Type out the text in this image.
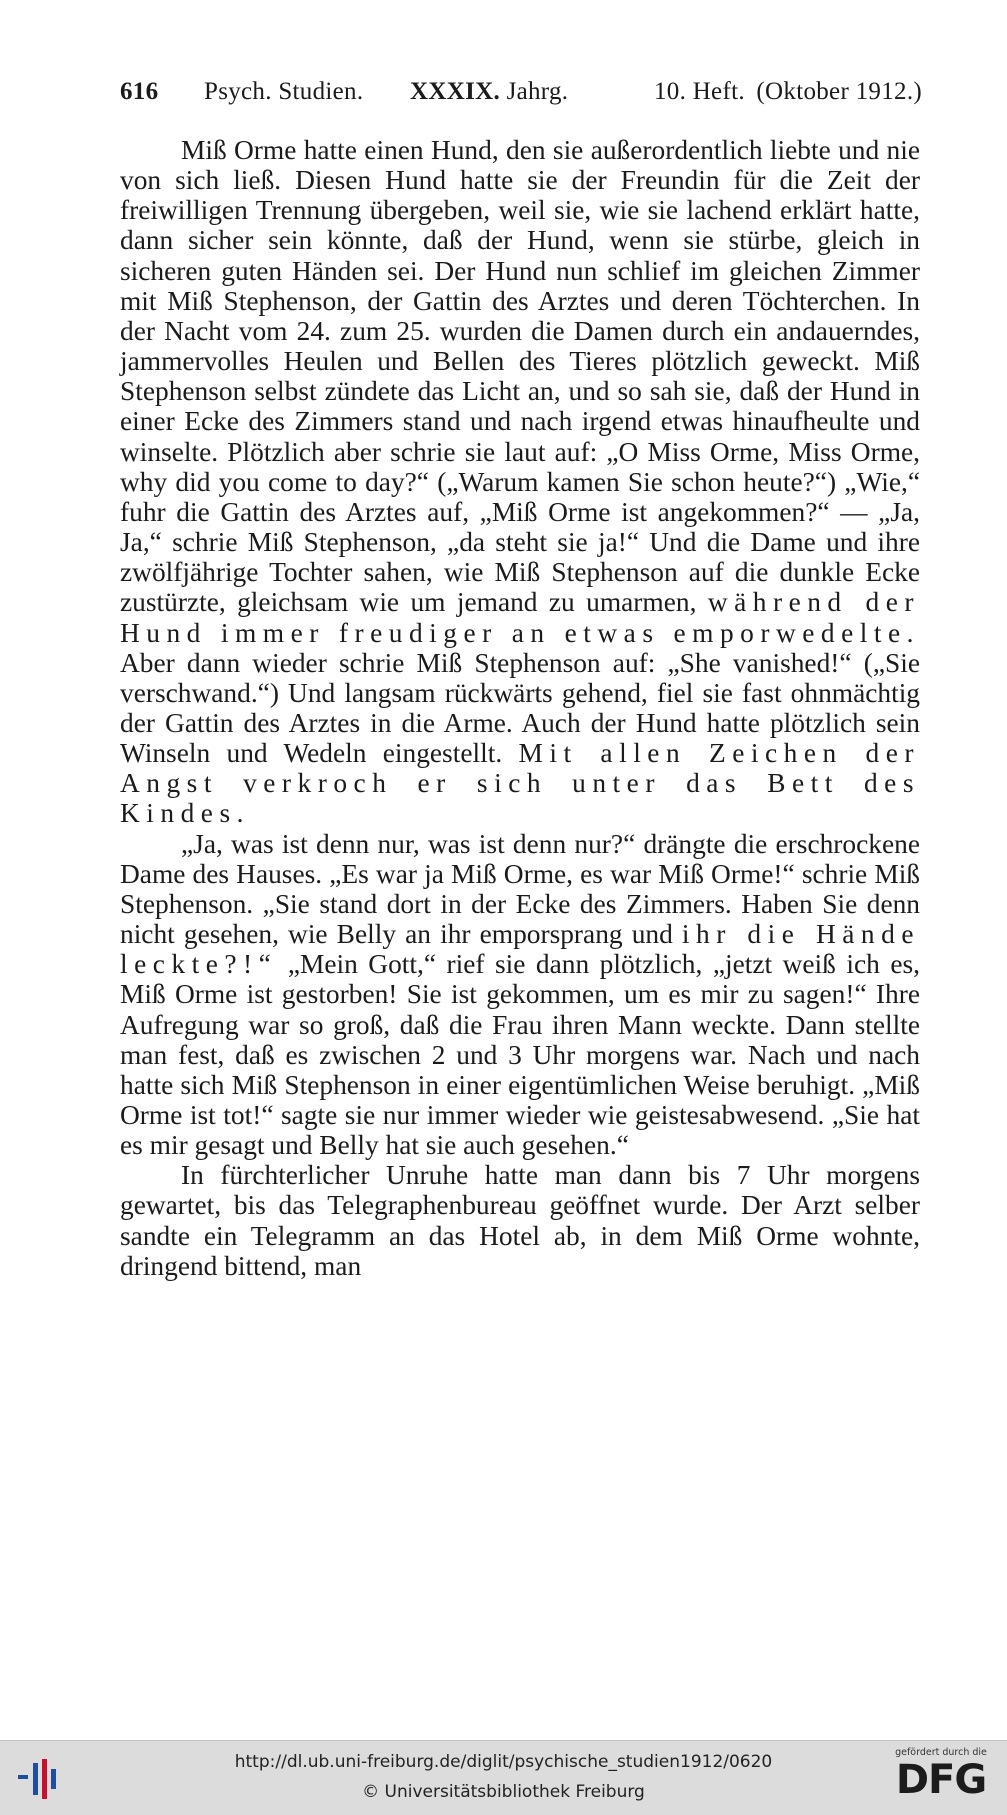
616 Psych. Studien. XXXIX. Jahrg.	10. Heft. (Oktober 1912.)

Miß Orme hatte einen Hund, den sie außerordentlich liebte und nie von sich ließ. Diesen Hund hatte sie der Freundin für die Zeit der freiwilligen Trennung übergeben, weil sie, wie sie lachend erklärt hatte, dann sicher sein könnte, daß der Hund, wenn sie stürbe, gleich in sicheren guten Händen sei. Der Hund nun schlief im gleichen Zimmer mit Miß Stephenson, der Gattin des Arztes und deren Töchterchen. In der Nacht vom 24. zum 25. wurden die Damen durch ein andauerndes, jammervolles Heulen und Bellen des Tieres plötzlich geweckt. Miß Stephenson selbst zündete das Licht an, und so sah sie, daß der Hund in einer Ecke des Zimmers stand und nach irgend etwas hinaufheulte und winselte. Plötzlich aber schrie sie laut auf: „O Miss Orme, Miss Orme, why did you come to day?“ („Warum kamen Sie schon heute?“) „Wie,“ fuhr die Gattin des Arztes auf, „Miß Orme ist angekommen?“ — „Ja, Ja,“ schrie Miß Stephenson, „da steht sie ja!“ Und die Dame und ihre zwölfjährige Tochter sahen, wie Miß Stephenson auf die dunkle Ecke zustürzte, gleichsam wie um jemand zu umarmen, während der Hund immer freudiger an etwas emporwedelte. Aber dann wieder schrie Miß Stephenson auf: „She vanished!“ („Sie verschwand.“) Und langsam rückwärts gehend, fiel sie fast ohnmächtig der Gattin des Arztes in die Arme. Auch der Hund hatte plötzlich sein Winseln und Wedeln eingestellt. Mit allen Zeichen der Angst verkroch er sich unter das Bett des Kindes.

„Ja, was ist denn nur, was ist denn nur?“ drängte die erschrockene Dame des Hauses. „Es war ja Miß Orme, es war Miß Orme!“ schrie Miß Stephenson. „Sie stand dort in der Ecke des Zimmers. Haben Sie denn nicht gesehen, wie Belly an ihr emporsprang und ihr die Hände leckte?!“ „Mein Gott,“ rief sie dann plötzlich, „jetzt weiß ich es, Miß Orme ist gestorben! Sie ist gekommen, um es mir zu sagen!“ Ihre Aufregung war so groß, daß die Frau ihren Mann weckte. Dann stellte man fest, daß es zwischen 2 und 3 Uhr morgens war. Nach und nach hatte sich Miß Stephenson in einer eigentümlichen Weise beruhigt. „Miß Orme ist tot!“ sagte sie nur immer wieder wie geistesabwesend. „Sie hat es mir gesagt und Belly hat sie auch gesehen.“

In fürchterlicher Unruhe hatte man dann bis 7 Uhr morgens gewartet, bis das Telegraphenbureau geöffnet wurde. Der Arzt selber sandte ein Telegramm an das Hotel ab, in dem Miß Orme wohnte, dringend bittend, man

http://dl.ub.uni-freiburg.de/diglit/psychische_studien1912/0620
© Universitätsbibliothek Freiburg
gefördert durch die
DFG
